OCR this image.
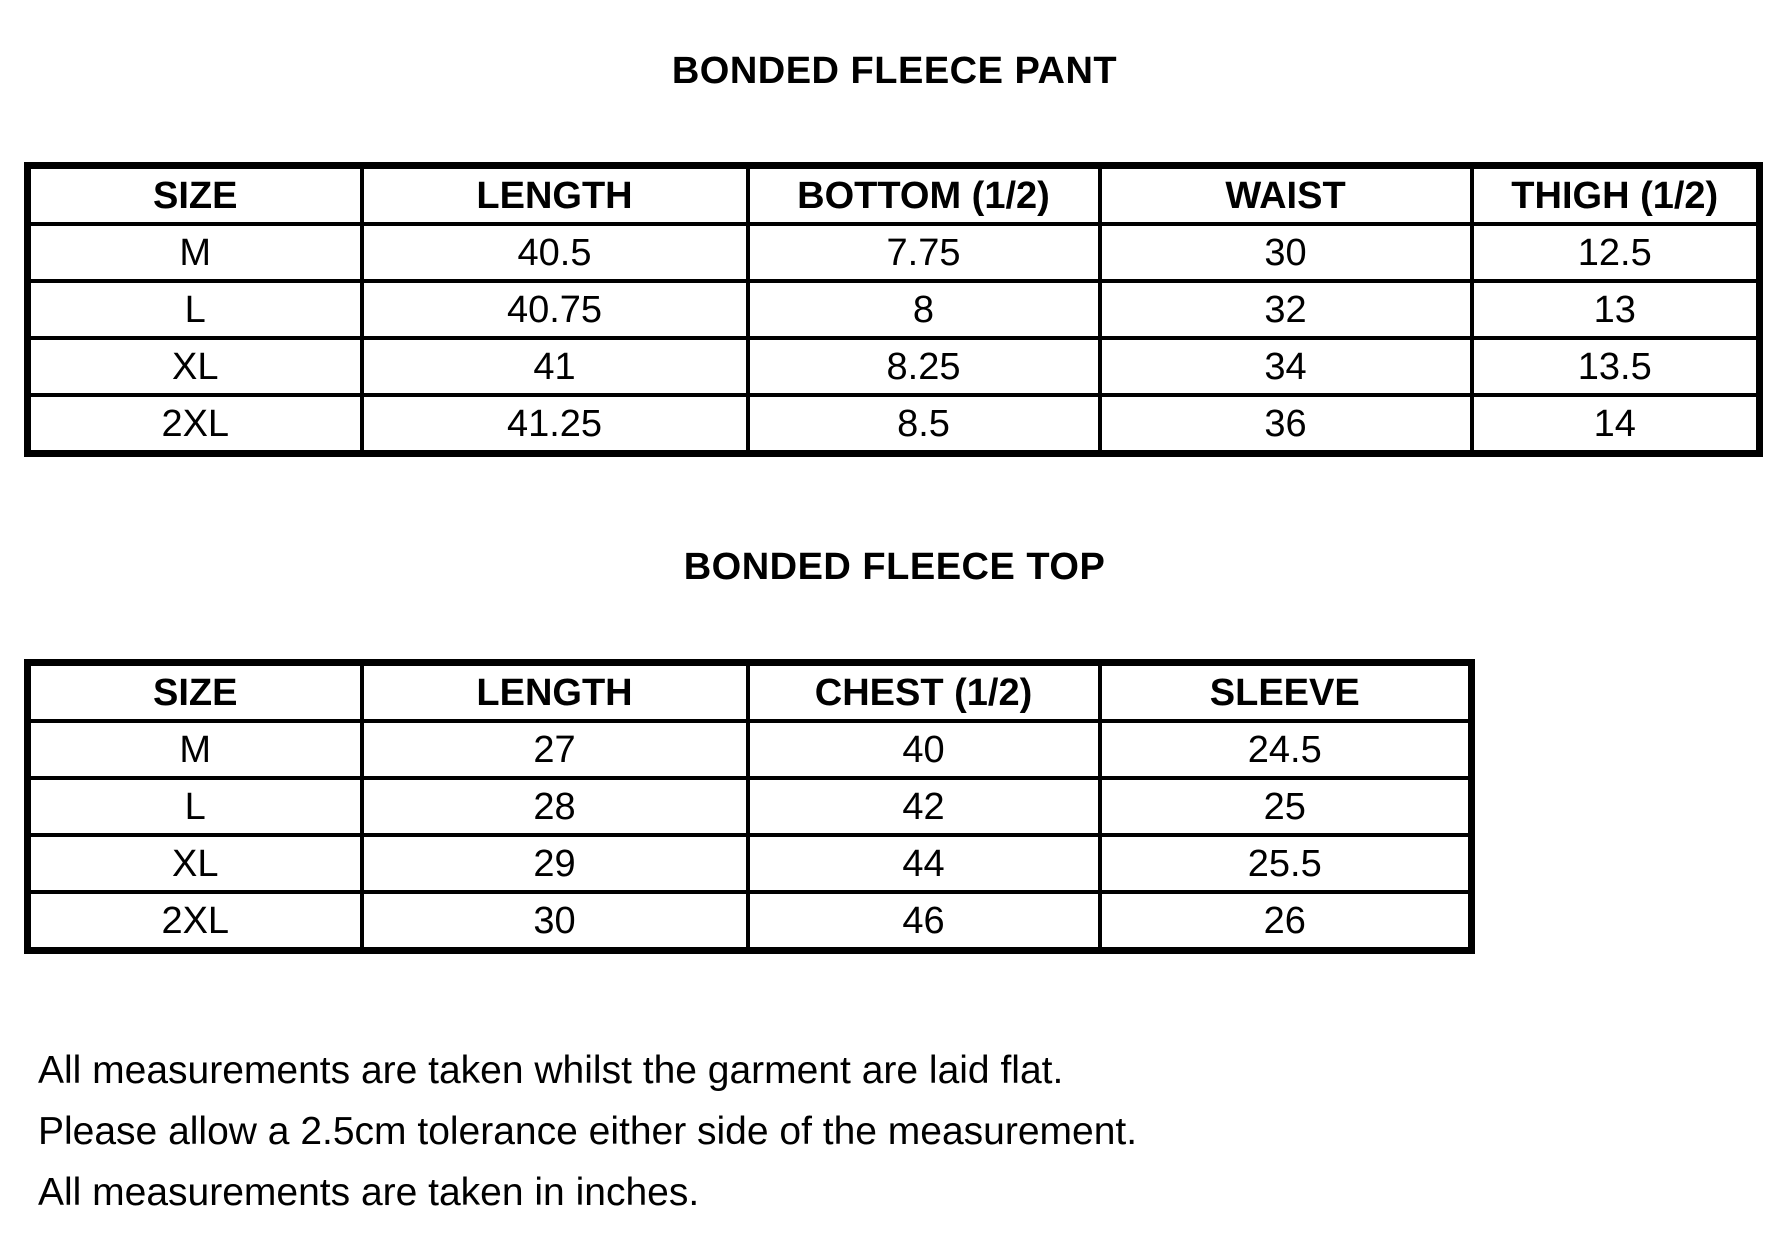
BONDED FLEECE PANT
SIZE	LENGTH	BOTTOM (1/2)	WAIST	THIGH (1/2)
M	40.5	7.75	30	12.5
L	40.75	8	32	13
XL	41	8.25	34	13.5
2XL	41.25	8.5	36	14
BONDED FLEECE TOP
SIZE	LENGTH	CHEST (1/2)	SLEEVE
M	27	40	24.5
L	28	42	25
XL	29	44	25.5
2XL	30	46	26
All measurements are taken whilst the garment are laid flat.
Please allow a 2.5cm tolerance either side of the measurement.
All measurements are taken in inches.
